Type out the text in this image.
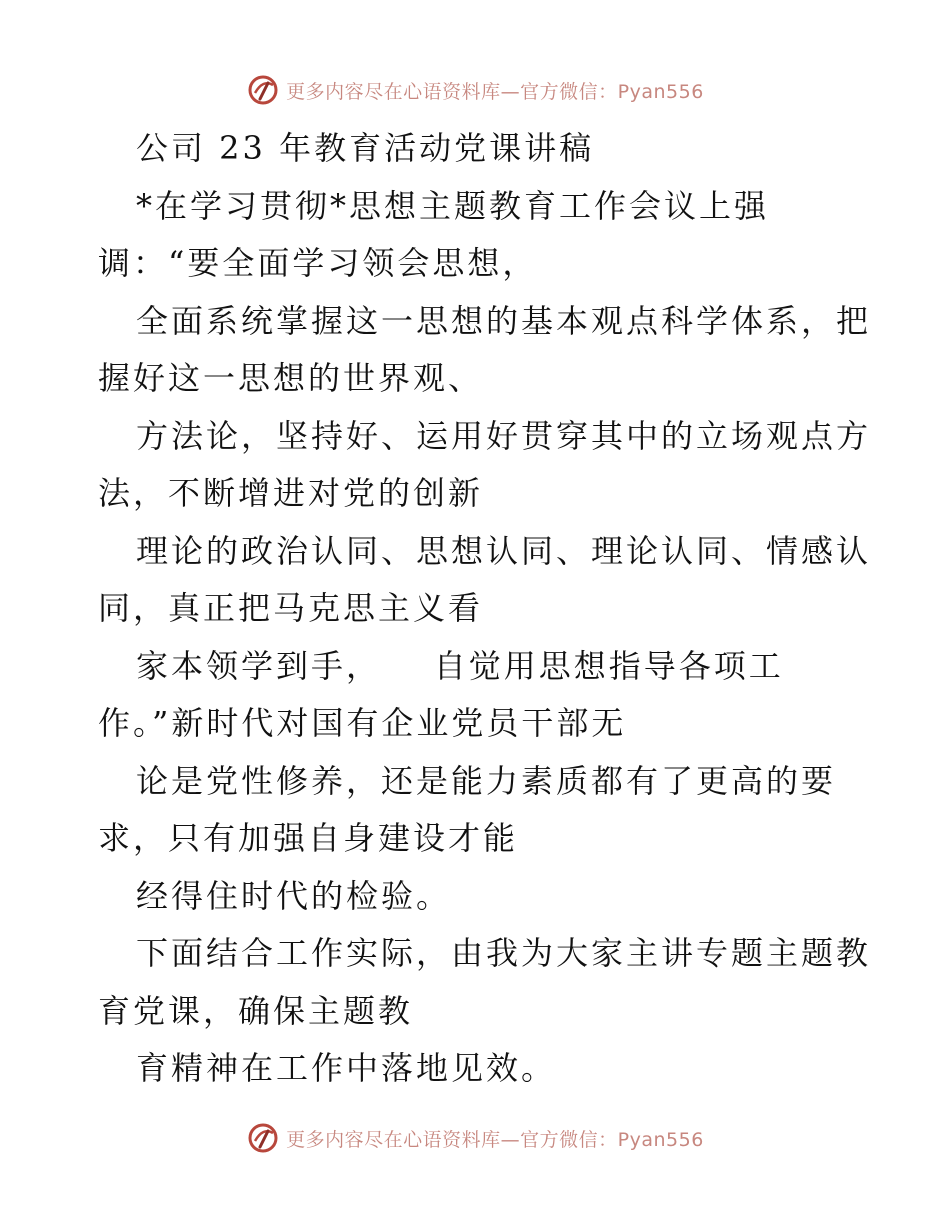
更多内容尽在心语资料库—官方微信：Pyan556
公司 23 年教育活动党课讲稿
*在学习贯彻*思想主题教育工作会议上强
调：“要全面学习领会思想，
全面系统掌握这一思想的基本观点科学体系，把
握好这一思想的世界观、
方法论，坚持好、运用好贯穿其中的立场观点方
法，不断增进对党的创新
理论的政治认同、思想认同、理论认同、情感认
同，真正把马克思主义看
家本领学到手，    自觉用思想指导各项工
作。”新时代对国有企业党员干部无
论是党性修养，还是能力素质都有了更高的要
求，只有加强自身建设才能
经得住时代的检验。
下面结合工作实际，由我为大家主讲专题主题教
育党课，确保主题教
育精神在工作中落地见效。
更多内容尽在心语资料库—官方微信：Pyan556
